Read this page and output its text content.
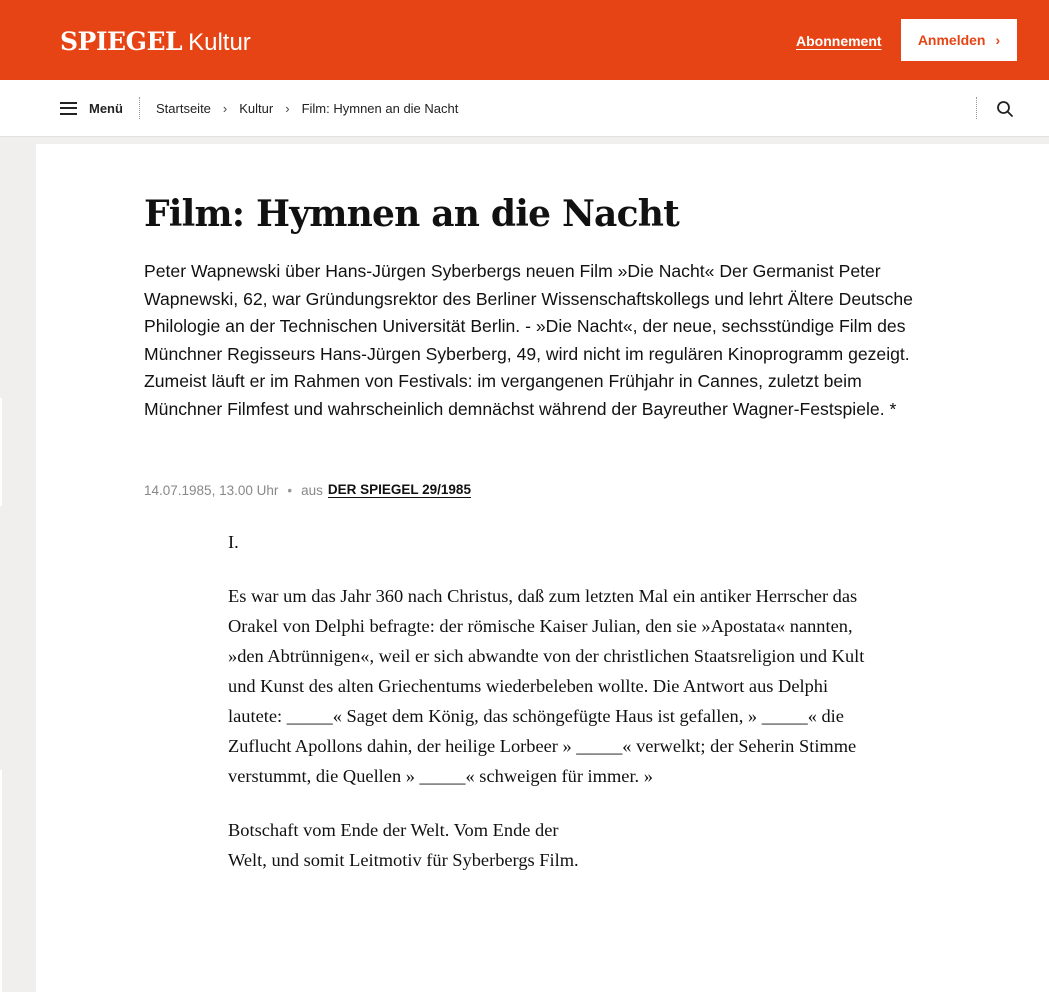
SPIEGEL Kultur	Abonnement	Anmelden ›
Menü	Startseite › Kultur › Film: Hymnen an die Nacht
Film: Hymnen an die Nacht

Peter Wapnewski über Hans-Jürgen Syberbergs neuen Film »Die Nacht« Der Germanist Peter Wapnewski, 62, war Gründungsrektor des Berliner Wissenschaftskollegs und lehrt Ältere Deutsche Philologie an der Technischen Universität Berlin. - »Die Nacht«, der neue, sechsstündige Film des Münchner Regisseurs Hans-Jürgen Syberberg, 49, wird nicht im regulären Kinoprogramm gezeigt. Zumeist läuft er im Rahmen von Festivals: im vergangenen Frühjahr in Cannes, zuletzt beim Münchner Filmfest und wahrscheinlich demnächst während der Bayreuther Wagner-Festspiele. *

14.07.1985, 13.00 Uhr • aus DER SPIEGEL 29/1985

I.

Es war um das Jahr 360 nach Christus, daß zum letzten Mal ein antiker Herrscher das Orakel von Delphi befragte: der römische Kaiser Julian, den sie »Apostata« nannten, »den Abtrünnigen«, weil er sich abwandte von der christlichen Staatsreligion und Kult und Kunst des alten Griechentums wiederbeleben wollte. Die Antwort aus Delphi lautete: _____« Saget dem König, das schöngefügte Haus ist gefallen, » _____« die Zuflucht Apollons dahin, der heilige Lorbeer » _____« verwelkt; der Seherin Stimme verstummt, die Quellen » _____« schweigen für immer. »

Botschaft vom Ende der Welt. Vom Ende der Welt, und somit Leitmotiv für Syberbergs Film.
